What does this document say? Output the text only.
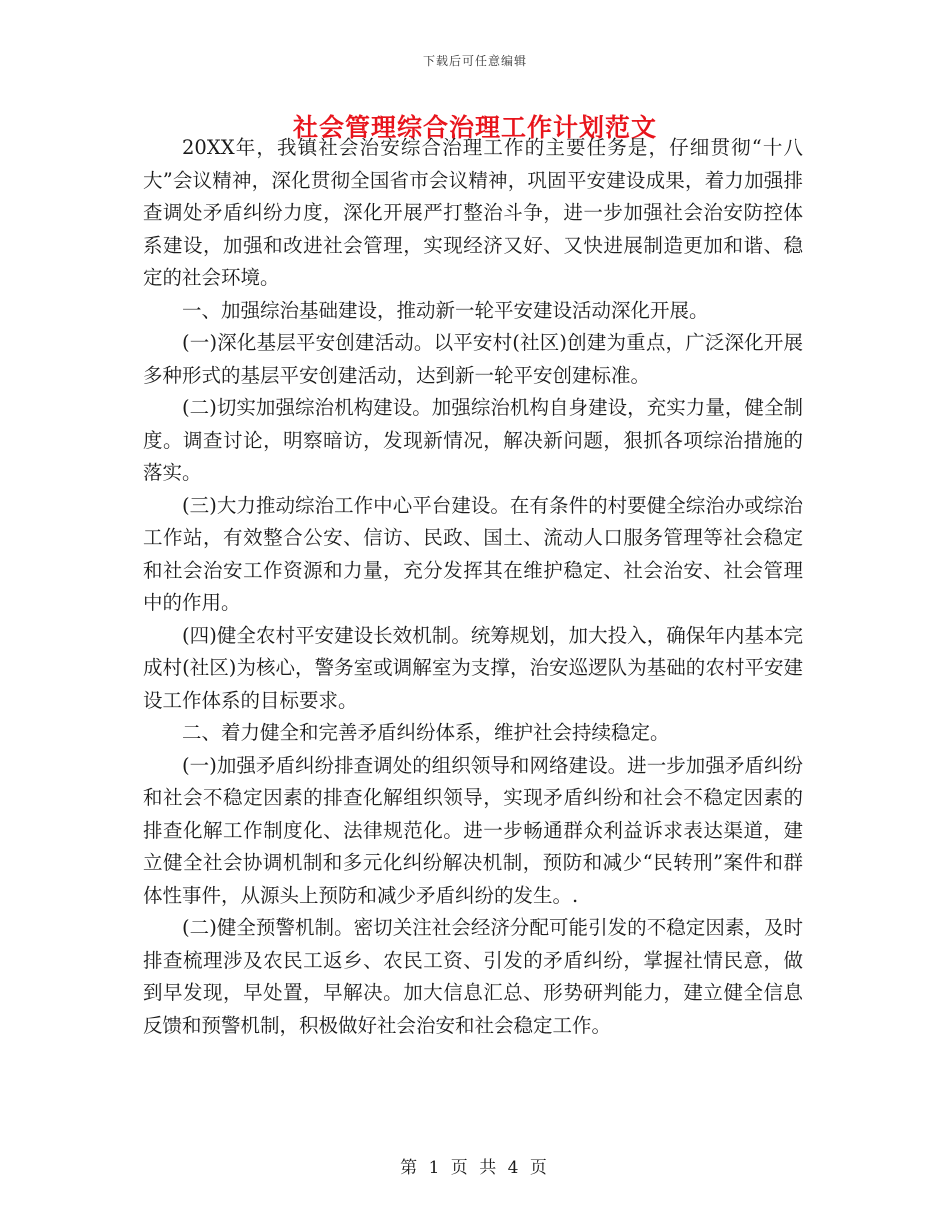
下载后可任意编辑
社会管理综合治理工作计划范文

20XX年，我镇社会治安综合治理工作的主要任务是，仔细贯彻“十八大”会议精神，深化贯彻全国省市会议精神，巩固平安建设成果，着力加强排查调处矛盾纠纷力度，深化开展严打整治斗争，进一步加强社会治安防控体系建设，加强和改进社会管理，实现经济又好、又快进展制造更加和谐、稳定的社会环境。

一、加强综治基础建设，推动新一轮平安建设活动深化开展。

(一)深化基层平安创建活动。以平安村(社区)创建为重点，广泛深化开展多种形式的基层平安创建活动，达到新一轮平安创建标准。

(二)切实加强综治机构建设。加强综治机构自身建设，充实力量，健全制度。调查讨论，明察暗访，发现新情况，解决新问题，狠抓各项综治措施的落实。

(三)大力推动综治工作中心平台建设。在有条件的村要健全综治办或综治工作站，有效整合公安、信访、民政、国土、流动人口服务管理等社会稳定和社会治安工作资源和力量，充分发挥其在维护稳定、社会治安、社会管理中的作用。

(四)健全农村平安建设长效机制。统筹规划，加大投入，确保年内基本完成村(社区)为核心，警务室或调解室为支撑，治安巡逻队为基础的农村平安建设工作体系的目标要求。

二、着力健全和完善矛盾纠纷体系，维护社会持续稳定。

(一)加强矛盾纠纷排查调处的组织领导和网络建设。进一步加强矛盾纠纷和社会不稳定因素的排查化解组织领导，实现矛盾纠纷和社会不稳定因素的排查化解工作制度化、法律规范化。进一步畅通群众利益诉求表达渠道，建立健全社会协调机制和多元化纠纷解决机制，预防和减少“民转刑”案件和群体性事件，从源头上预防和减少矛盾纠纷的发生。.

(二)健全预警机制。密切关注社会经济分配可能引发的不稳定因素，及时排查梳理涉及农民工返乡、农民工资、引发的矛盾纠纷，掌握社情民意，做到早发现，早处置，早解决。加大信息汇总、形势研判能力，建立健全信息反馈和预警机制，积极做好社会治安和社会稳定工作。

第 1 页 共 4 页
